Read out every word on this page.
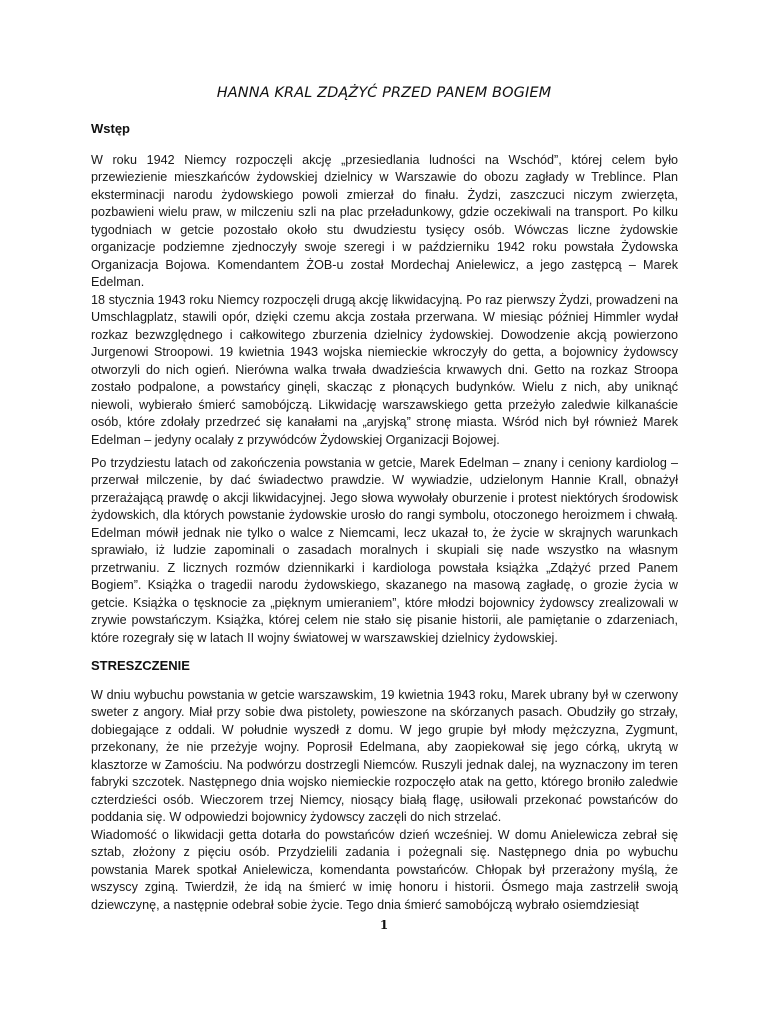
HANNA KRAL ZDĄŻYĆ PRZED PANEM BOGIEM
Wstęp

W roku 1942 Niemcy rozpoczęli akcję „przesiedlania ludności na Wschód”, której celem było przewiezienie mieszkańców żydowskiej dzielnicy w Warszawie do obozu zagłady w Treblince. Plan eksterminacji narodu żydowskiego powoli zmierzał do finału. Żydzi, zaszczuci niczym zwierzęta, pozbawieni wielu praw, w milczeniu szli na plac przeładunkowy, gdzie oczekiwali na transport. Po kilku tygodniach w getcie pozostało około stu dwudziestu tysięcy osób. Wówczas liczne żydowskie organizacje podziemne zjednoczyły swoje szeregi i w październiku 1942 roku powstała Żydowska Organizacja Bojowa. Komendantem ŻOB-u został Mordechaj Anielewicz, a jego zastępcą – Marek Edelman.

18 stycznia 1943 roku Niemcy rozpoczęli drugą akcję likwidacyjną. Po raz pierwszy Żydzi, prowadzeni na Umschlagplatz, stawili opór, dzięki czemu akcja została przerwana. W miesiąc później Himmler wydał rozkaz bezwzględnego i całkowitego zburzenia dzielnicy żydowskiej. Dowodzenie akcją powierzono Jurgenowi Stroopowi. 19 kwietnia 1943 wojska niemieckie wkroczyły do getta, a bojownicy żydowscy otworzyli do nich ogień. Nierówna walka trwała dwadzieścia krwawych dni. Getto na rozkaz Stroopa zostało podpalone, a powstańcy ginęli, skacząc z płonących budynków. Wielu z nich, aby uniknąć niewoli, wybierało śmierć samobójczą. Likwidację warszawskiego getta przeżyło zaledwie kilkanaście osób, które zdołały przedrzeć się kanałami na „aryjską” stronę miasta. Wśród nich był również Marek Edelman – jedyny ocalały z przywódców Żydowskiej Organizacji Bojowej.

Po trzydziestu latach od zakończenia powstania w getcie, Marek Edelman – znany i ceniony kardiolog – przerwał milczenie, by dać świadectwo prawdzie. W wywiadzie, udzielonym Hannie Krall, obnażył przerażającą prawdę o akcji likwidacyjnej. Jego słowa wywołały oburzenie i protest niektórych środowisk żydowskich, dla których powstanie żydowskie urosło do rangi symbolu, otoczonego heroizmem i chwałą. Edelman mówił jednak nie tylko o walce z Niemcami, lecz ukazał to, że życie w skrajnych warunkach sprawiało, iż ludzie zapominali o zasadach moralnych i skupiali się nade wszystko na własnym przetrwaniu. Z licznych rozmów dziennikarki i kardiologa powstała książka „Zdążyć przed Panem Bogiem”. Książka o tragedii narodu żydowskiego, skazanego na masową zagładę, o grozie życia w getcie. Książka o tęsknocie za „pięknym umieraniem”, które młodzi bojownicy żydowscy zrealizowali w zrywie powstańczym. Książka, której celem nie stało się pisanie historii, ale pamiętanie o zdarzeniach, które rozegrały się w latach II wojny światowej w warszawskiej dzielnicy żydowskiej.

STRESZCZENIE

W dniu wybuchu powstania w getcie warszawskim, 19 kwietnia 1943 roku, Marek ubrany był w czerwony sweter z angory. Miał przy sobie dwa pistolety, powieszone na skórzanych pasach. Obudziły go strzały, dobiegające z oddali. W południe wyszedł z domu. W jego grupie był młody mężczyzna, Zygmunt, przekonany, że nie przeżyje wojny. Poprosił Edelmana, aby zaopiekował się jego córką, ukrytą w klasztorze w Zamościu. Na podwórzu dostrzegli Niemców. Ruszyli jednak dalej, na wyznaczony im teren fabryki szczotek. Następnego dnia wojsko niemieckie rozpoczęło atak na getto, którego broniło zaledwie czterdzieści osób. Wieczorem trzej Niemcy, niosący białą flagę, usiłowali przekonać powstańców do poddania się. W odpowiedzi bojownicy żydowscy zaczęli do nich strzelać.

Wiadomość o likwidacji getta dotarła do powstańców dzień wcześniej. W domu Anielewicza zebrał się sztab, złożony z pięciu osób. Przydzielili zadania i pożegnali się. Następnego dnia po wybuchu powstania Marek spotkał Anielewicza, komendanta powstańców. Chłopak był przerażony myślą, że wszyscy zginą. Twierdził, że idą na śmierć w imię honoru i historii. Ósmego maja zastrzelił swoją dziewczynę, a następnie odebrał sobie życie. Tego dnia śmierć samobójczą wybrało osiemdziesiąt

1
